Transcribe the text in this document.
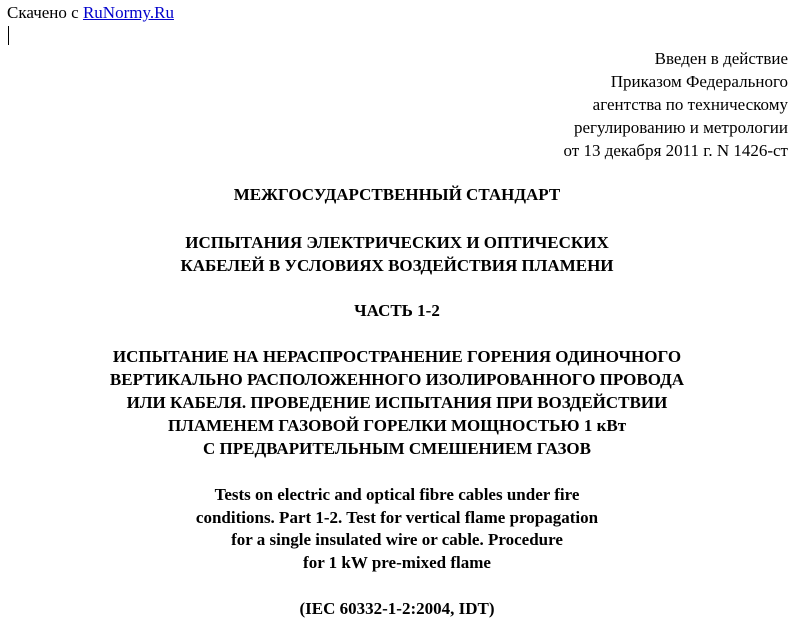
Скачено с RuNormy.Ru
Введен в действие
Приказом Федерального
агентства по техническому
регулированию и метрологии
от 13 декабря 2011 г. N 1426-ст
МЕЖГОСУДАРСТВЕННЫЙ СТАНДАРТ
ИСПЫТАНИЯ ЭЛЕКТРИЧЕСКИХ И ОПТИЧЕСКИХ
КАБЕЛЕЙ В УСЛОВИЯХ ВОЗДЕЙСТВИЯ ПЛАМЕНИ
ЧАСТЬ 1-2
ИСПЫТАНИЕ НА НЕРАСПРОСТРАНЕНИЕ ГОРЕНИЯ ОДИНОЧНОГО
ВЕРТИКАЛЬНО РАСПОЛОЖЕННОГО ИЗОЛИРОВАННОГО ПРОВОДА
ИЛИ КАБЕЛЯ. ПРОВЕДЕНИЕ ИСПЫТАНИЯ ПРИ ВОЗДЕЙСТВИИ
ПЛАМЕНЕМ ГАЗОВОЙ ГОРЕЛКИ МОЩНОСТЬЮ 1 кВт
С ПРЕДВАРИТЕЛЬНЫМ СМЕШЕНИЕМ ГАЗОВ
Tests on electric and optical fibre cables under fire
conditions. Part 1-2. Test for vertical flame propagation
for a single insulated wire or cable. Procedure
for 1 kW pre-mixed flame
(IEC 60332-1-2:2004, IDT)
